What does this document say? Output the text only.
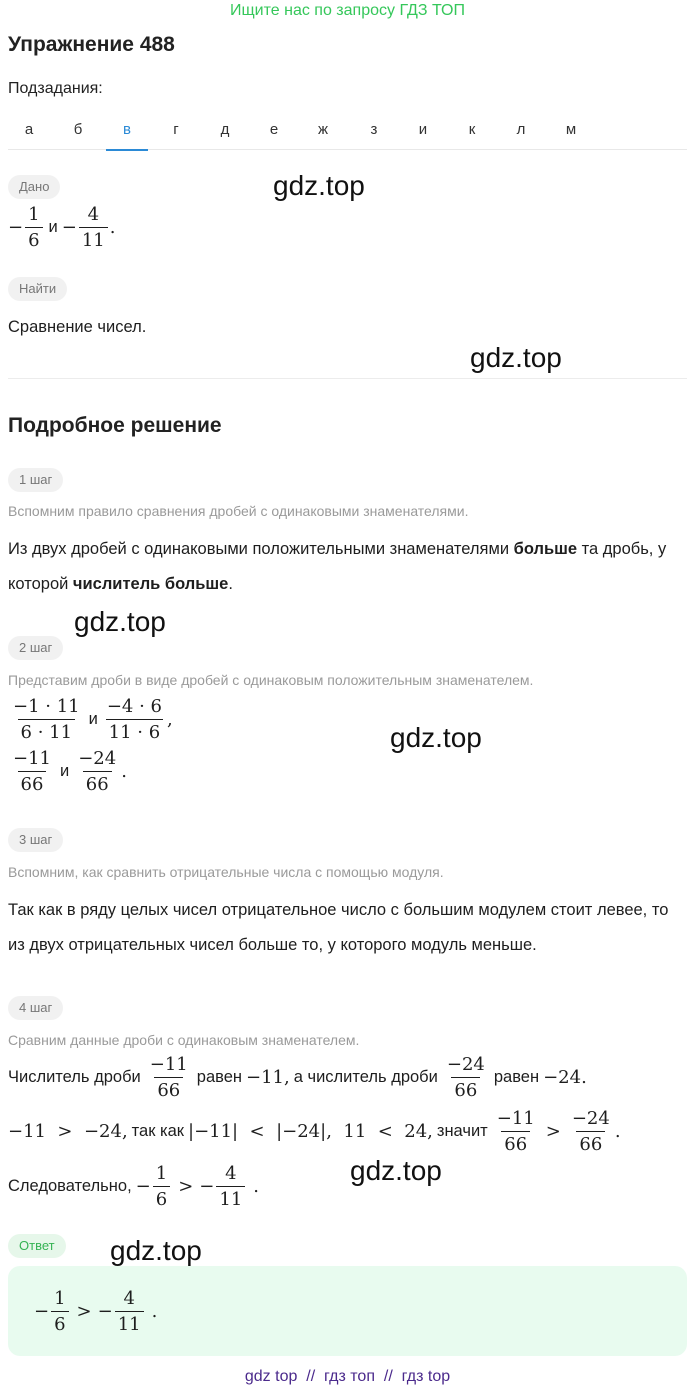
Ищите нас по запросу ГДЗ ТОП
Упражнение 488
Подзадания:
а	б	в	г	д	е	ж	з	и	к	л	м
Дано	gdz.top
− $\frac{1}{6}$ $и - \frac{4}{11}$ .
Найти
Сравнение чисел.
gdz.top
Подробное решение
1 шаг
Вспомним правило сравнения дробей с одинаковыми знаменателями.
Из двух дробей с одинаковыми положительными знаменателями больше та дробь, у которой числитель больше.
gdz.top
2 шаг
Представим дроби в виде дробей с одинаковым положительным знаменателем.
$\frac{-1 \cdot 11}{6 \cdot 11}$ и $\frac{-4 \cdot 6}{11 \cdot 6}$ ,
gdz.top
$\frac{-11}{66}$ и $\frac{-24}{66}$ .
3 шаг
Вспомним, как сравнить отрицательные числа с помощью модуля.
Так как в ряду целых чисел отрицательное число с большим модулем стоит левее, то из двух отрицательных чисел больше то, у которого модуль меньше.
4 шаг
Сравним данные дроби с одинаковым знаменателем.
Числитель дроби $\frac{-11}{66}$ равен −11, а числитель дроби $\frac{-24}{66}$ равен −24.
−11  >  −24, так как |−11|  <  |−24|,  11  <  24, значит $\frac{-11}{66} > \frac{-24}{66}$ .
gdz.top
Следовательно, − $\frac{1}{6}$ > − $\frac{4}{11}$ .
Ответ	gdz.top
− $\frac{1}{6}$ > − $\frac{4}{11}$ .
gdz top  //  гдз топ  //  гдз top
